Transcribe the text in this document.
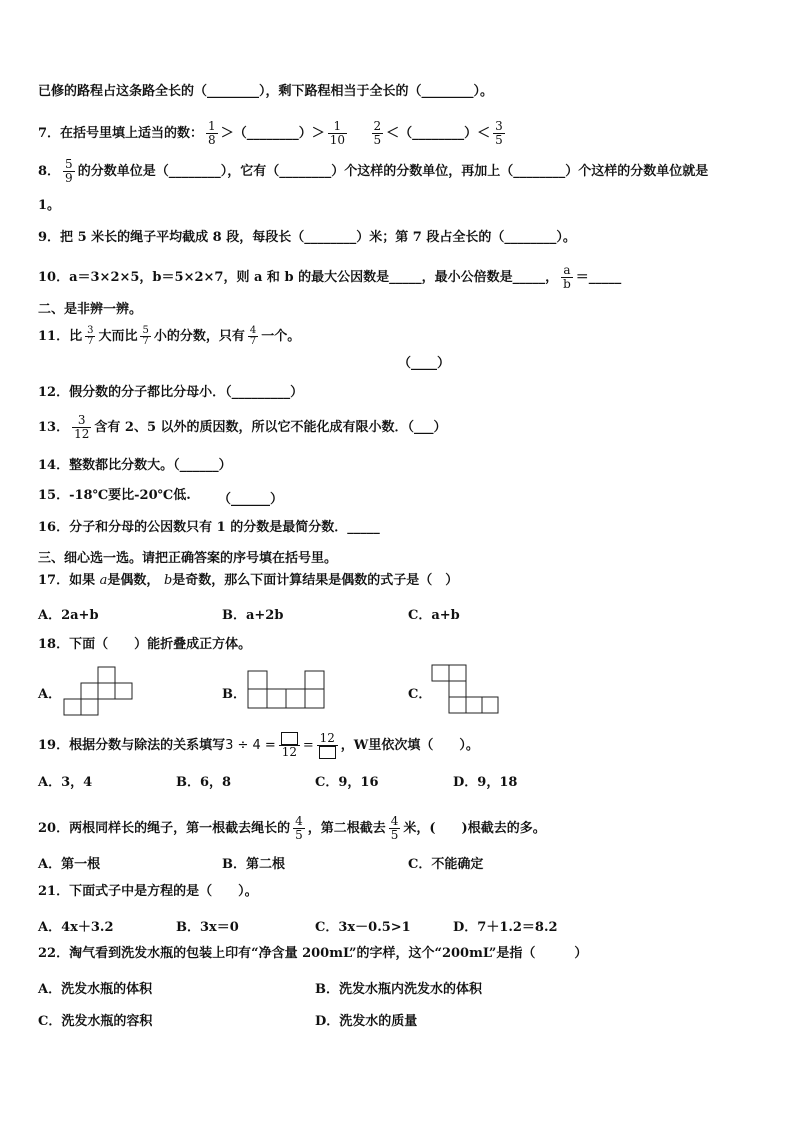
已修的路程占这条路全长的（________），剩下路程相当于全长的（________）。
7．在括号里填上适当的数： $\frac{1}{8}$ ＞（________）＞ $\frac{1}{10}$
$\frac{2}{5}$ ＜（________）＜ $\frac{3}{5}$
8． $\frac{5}{9}$ 的分数单位是（________），它有（________）个这样的分数单位，再加上（________）个这样的分数单位就是
1。
9．把 5 米长的绳子平均截成 8 段，每段长（________）米；第 7 段占全长的（________）。
10．a＝3×2×5，b＝5×2×7，则 a 和 b 的最大公因数是_____，最小公倍数是_____， $\frac{a}{b}$ ＝_____
二、是非辨一辨。
11．比 $\frac{3}{7}$ 大而比 $\frac{5}{7}$ 小的分数，只有 $\frac{4}{7}$ 一个。
（____）
12．假分数的分子都比分母小．（_________）
13． $\frac{3}{12}$ 含有 2、5 以外的质因数，所以它不能化成有限小数．（___）
14．整数都比分数大。（______）
15．-18℃要比-20℃低. （______）
16．分子和分母的公因数只有 1 的分数是最简分数．_____
三、细心选一选。请把正确答案的序号填在括号里。
17．如果 a是偶数， b是奇数，那么下面计算结果是偶数的式子是（　）
A．2a+b	B．a+2b	C．a+b
18．下面（　　）能折叠成正方体。
A．	B．	C．
19．根据分数与除法的关系填写3 ÷ 4 = 12 = 12 ，W里依次填（　　）。
A．3，4	B．6，8	C．9，16	D．9，18
20．两根同样长的绳子，第一根截去绳长的 $\frac{4}{5}$ ，第二根截去 $\frac{4}{5}$ 米，(　　)根截去的多。
A．第一根	B．第二根	C．不能确定
21．下面式子中是方程的是（　　）。
A．4x＋3.2	B．3x＝0	C．3x－0.5>1	D．7＋1.2＝8.2
22．淘气看到洗发水瓶的包装上印有“净含量 200mL”的字样，这个“200mL”是指（　　　）
A．洗发水瓶的体积	B．洗发水瓶内洗发水的体积
C．洗发水瓶的容积	D．洗发水的质量
